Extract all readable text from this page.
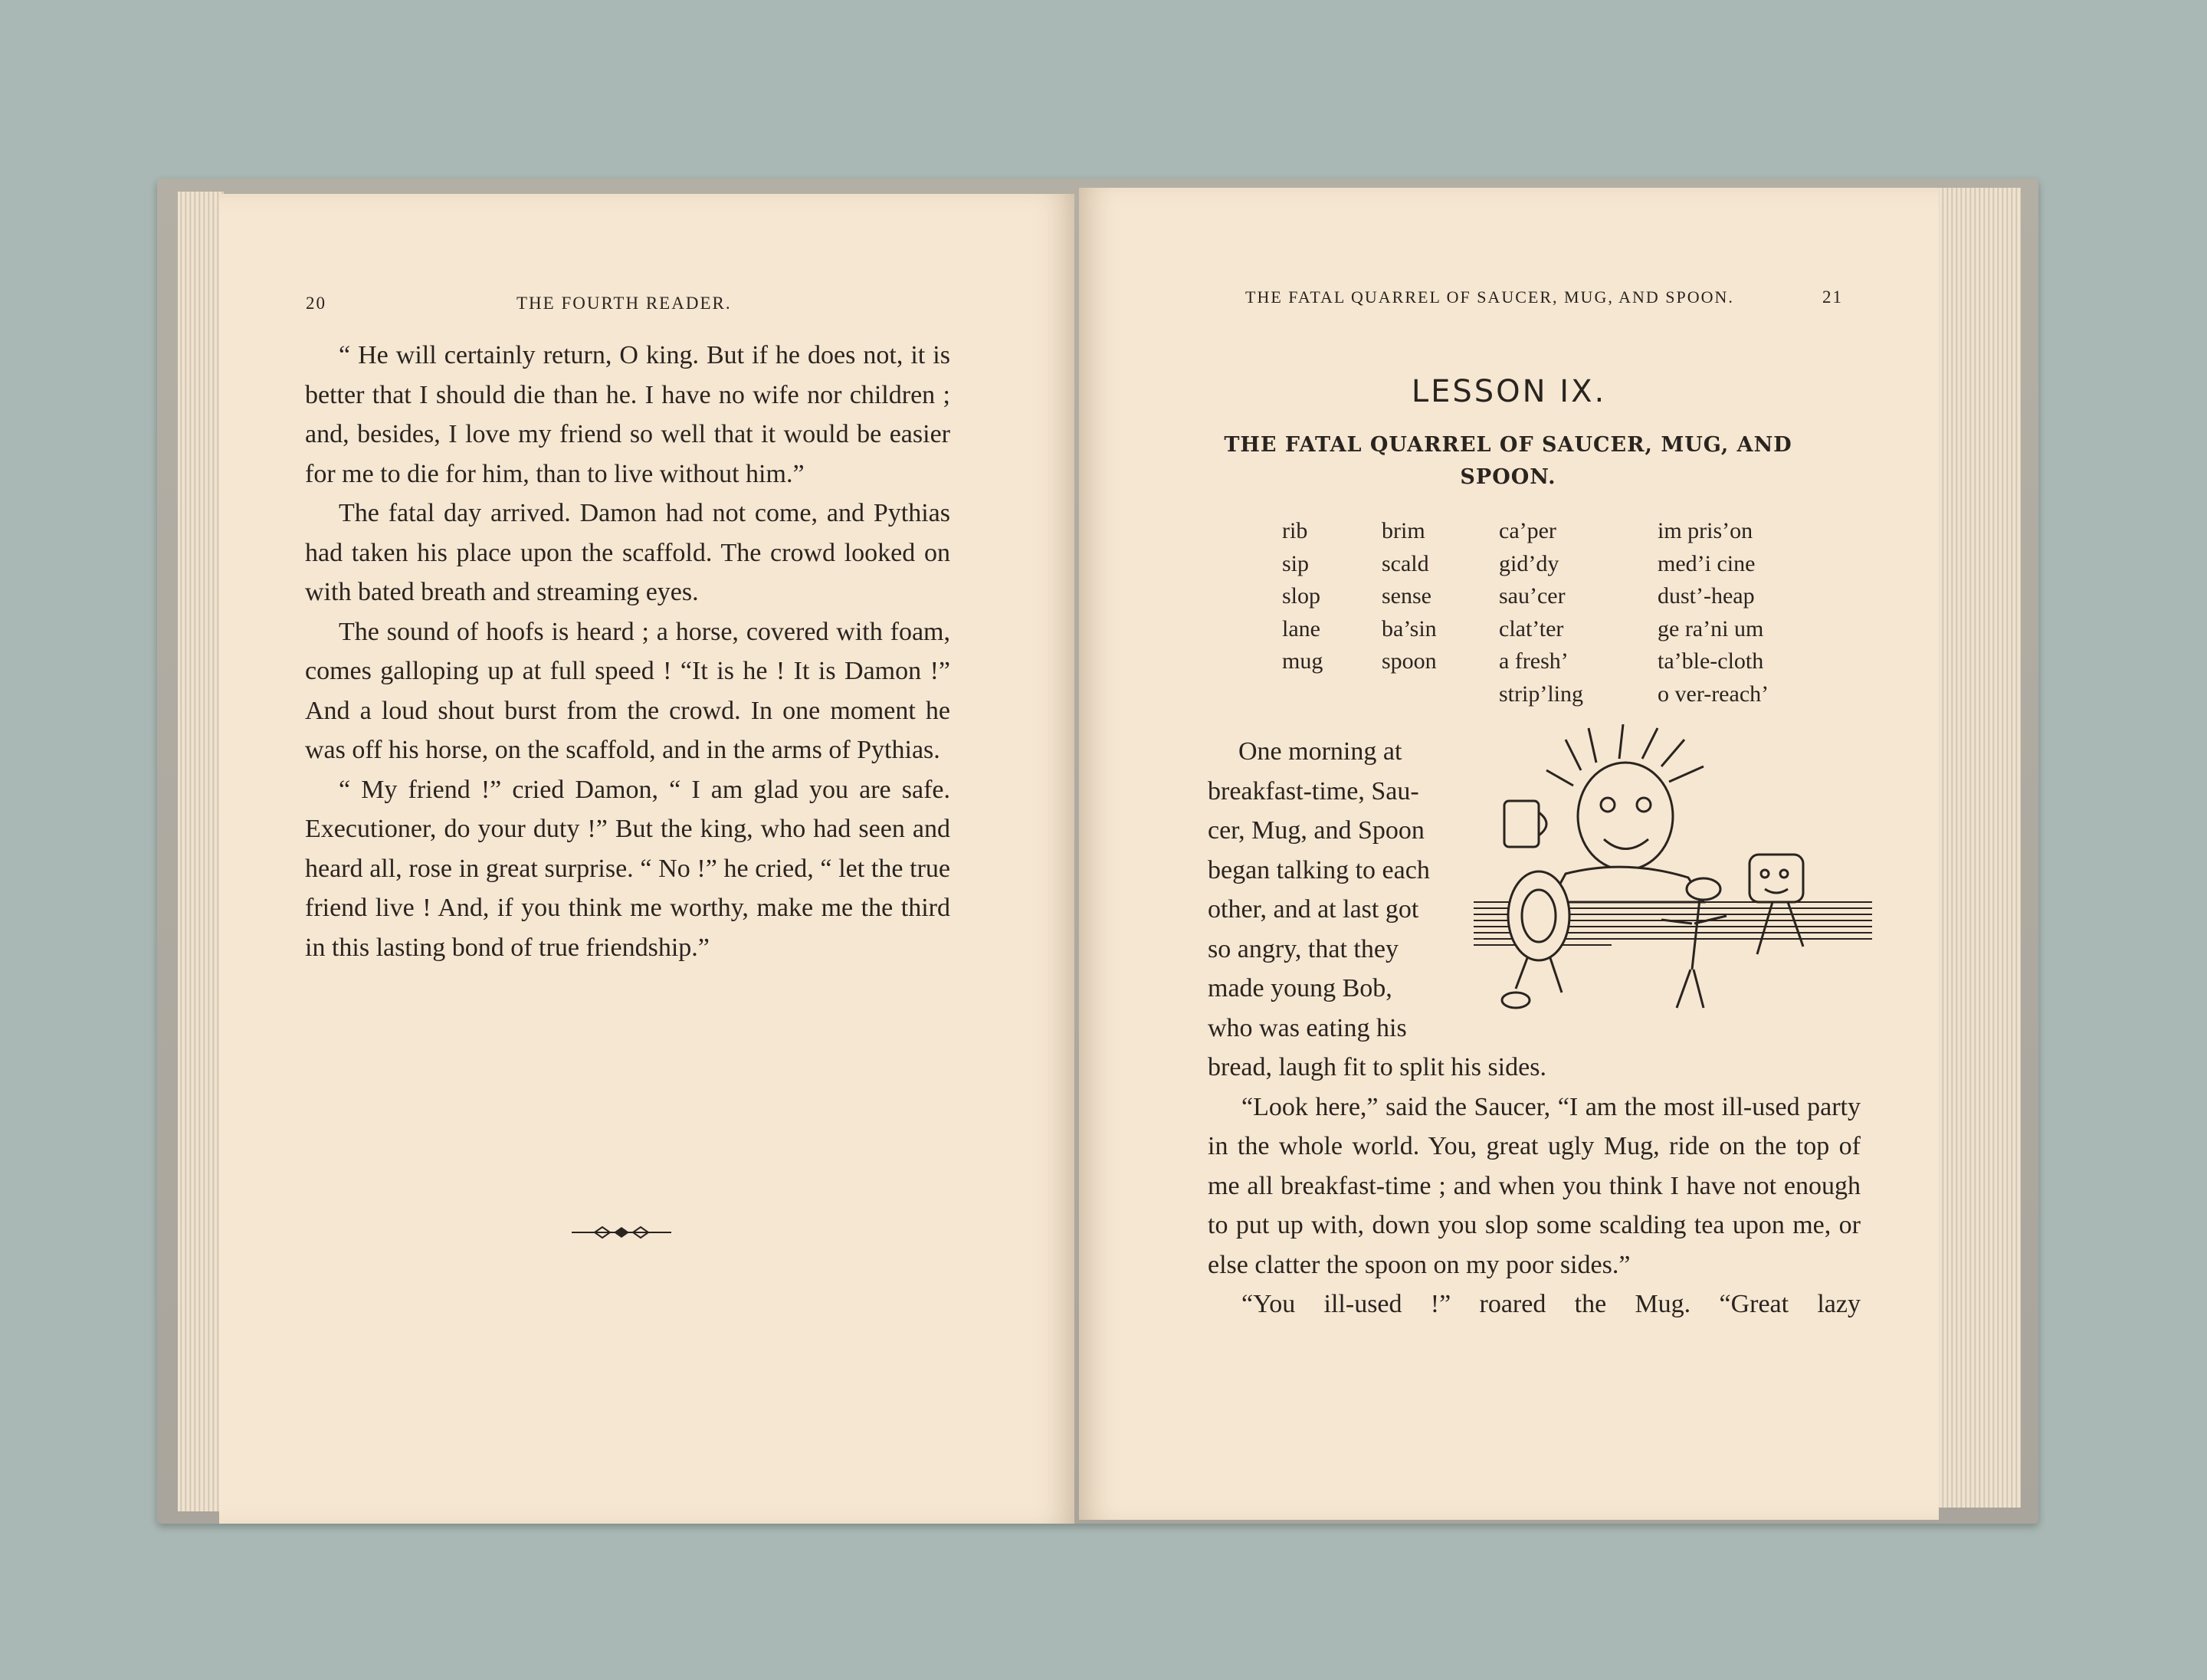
20	THE FOURTH READER.

“ He will certainly return, O king. But if he does not, it is better that I should die than he. I have no wife nor children ; and, besides, I love my friend so well that it would be easier for me to die for him, than to live without him.”

The fatal day arrived. Damon had not come, and Pythias had taken his place upon the scaffold. The crowd looked on with bated breath and streaming eyes.

The sound of hoofs is heard ; a horse, covered with foam, comes galloping up at full speed ! “It is he ! It is Damon !” And a loud shout burst from the crowd. In one moment he was off his horse, on the scaffold, and in the arms of Pythias.

“ My friend !” cried Damon, “ I am glad you are safe. Executioner, do your duty !” But the king, who had seen and heard all, rose in great surprise. “ No !” he cried, “ let the true friend live ! And, if you think me worthy, make me the third in this lasting bond of true friendship.”

THE FATAL QUARREL OF SAUCER, MUG, AND SPOON.	21
LESSON IX.
THE FATAL QUARREL OF SAUCER, MUG, AND SPOON.
rib
sip
slop
lane
mug
brim
scald
sense
ba’sin
spoon
ca’per
gid’dy
sau’cer
clat’ter
a fresh’
strip’ling
im pris’on
med’i cine
dust’-heap
ge ra’ni um
ta’ble-cloth
o ver-reach’

One morning at

breakfast-time, Sau-

cer, Mug, and Spoon

began talking to each

other, and at last got

so angry, that they

made young Bob,

who was eating his

bread, laugh fit to split his sides.

“Look here,” said the Saucer, “I am the most ill-used party in the whole world. You, great ugly Mug, ride on the top of me all breakfast-time ; and when you think I have not enough to put up with, down you slop some scalding tea upon me, or else clatter the spoon on my poor sides.”

“You ill-used !” roared the Mug. “Great lazy
